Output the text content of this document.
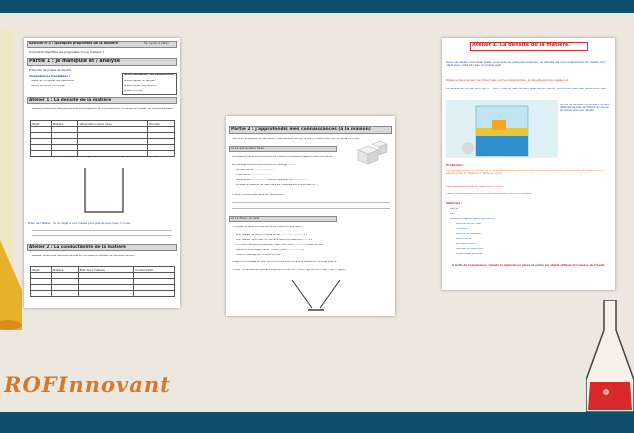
Activité n°5 : Quelques propriétés de la matière	5e Cycle 4 (dév)
Comment identifier les propriétés d'une matière ?
Partie 1 : je manipule et / analyse
Protocole de masse de liquide
Compétences travaillées :
Tester et comparer les débutants
Suivre et suivre un moyen
Grille évaluation des compétences
Je sais réaliser un tableau
Je sais utiliser une balance
Je sais conclure
Atelier 1 : La densité de la matière
Réalise l'ensemble des expériences proposées sur la fiche-atelier et complète le tableau de résultats suivant :
Objet	Matière	Observation dans l'eau	Densité

Complète le schéma en représentant un objet coule au fond et un objet qui flotte en surface dans
Bilan de l'atelier : Si un objet a une masse plus grande que l'eau, il coule,
Atelier 2 : La conductibilité de la matière
Réalise l'ensemble des expériences et complète le tableau de résultats suivant
Objet	Matière	État de la matière	Conductivité

Partie 2 : j'approfondis mes connaissances (à la maison)
Visionne l'ensemble de l'animation disponible en lien sur le site ou Cluse Lumni et complète ce Fiche :
1) Le sucre dans l'eau
Complète le texte à trous suivant à l'aide du vocabulaire appris dans l'animation :
Le mélange d'eau et de sucre est un mélange ............
Le sucre est le ..........................
L'eau est le ..........................
Le sucre se ...................... dans le liquide et de ...................
Lorsque la capacité de l'eau dans son mélange est trop sucrée, le ....
Trouve d'autres exemples de dissolutions :
2) Le Fenu, un sels
Complète le texte à trous suivant à l'aide de l'animation :
Pour réaliser du Fenu, on utilise du sel ............................... 1 L
Pour réaliser dans l'eau, on doit faire dans une dissolution ...... 2 L
Et l'huile n'est pas miscible avec l'eau, il se forme .............. à cette de l'eau
Mettre à l'autre étape, verse l'huile et le sel .................. 1 L
L'eau ce mélange est complet au final.
Imagine à une tasse en jolie verre à la dose pour en faire la densité et constate avec le
A noter : la densité des liquides s'organise comme ceci : Sirop > Jus de fruit > eau > eau > glaçon
Atelier 1. La densité de la matière.
Dans cet atelier vous allez tester la densité de quelques matières. La densité est une comparaison de masse d'un objet avec celle de l'eau du même égal.
Observe dans le cas d'un litre d'eau ou d'un kilogramme : la densité est donc égale à 1.
La densité de l'air est de 1.2g/cm³ ; pour l'huile et l'eau ce que l'objet est au même, moins lourd que l'eau flotte dans l'eau.
La tour de densités. Ce récipient contient différents liquides qui flottent les uns sur les autres selon leur densité.
Protocole :
Afin de déterminer la densité de différentes matières, réalise le test de densité en plaçant délicatement un objet dans un bécher d'eau et observe s'il flotte ou coule.
Fais l'expérience avec à l'objet de ton choix.
Détermine l'expérience et note tes résultats sur ta fiche d'activité.
Matériel :
Bécher
Eau
Différents objets à tester (au choix 6) :
Bouchon de vin, maïs
Trombone
Bouchon en plastique
Bille en verre
Morceau de bois
Morceau de caoutchouc
Autres objets proposés
À la fin de l'expérience, remets le matériel en place et sèche les objets utilisés et l'espace de travail.
ROFInnovant
